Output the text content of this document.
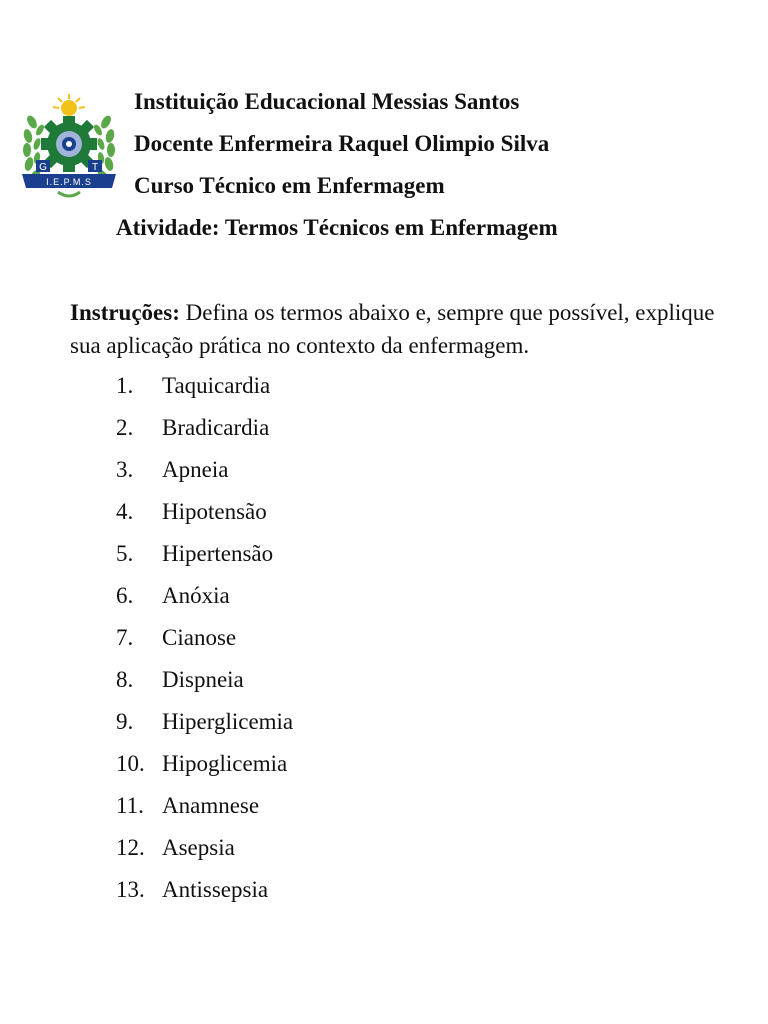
G	T
I.E.P.M.S
Instituição Educacional Messias Santos
Docente Enfermeira Raquel Olimpio Silva
Curso Técnico em Enfermagem
Atividade: Termos Técnicos em Enfermagem
Instruções: Defina os termos abaixo e, sempre que possível, explique sua aplicação prática no contexto da enfermagem.
1. Taquicardia
2. Bradicardia
3. Apneia
4. Hipotensão
5. Hipertensão
6. Anóxia
7. Cianose
8. Dispneia
9. Hiperglicemia
10. Hipoglicemia
11. Anamnese
12. Asepsia
13. Antissepsia
